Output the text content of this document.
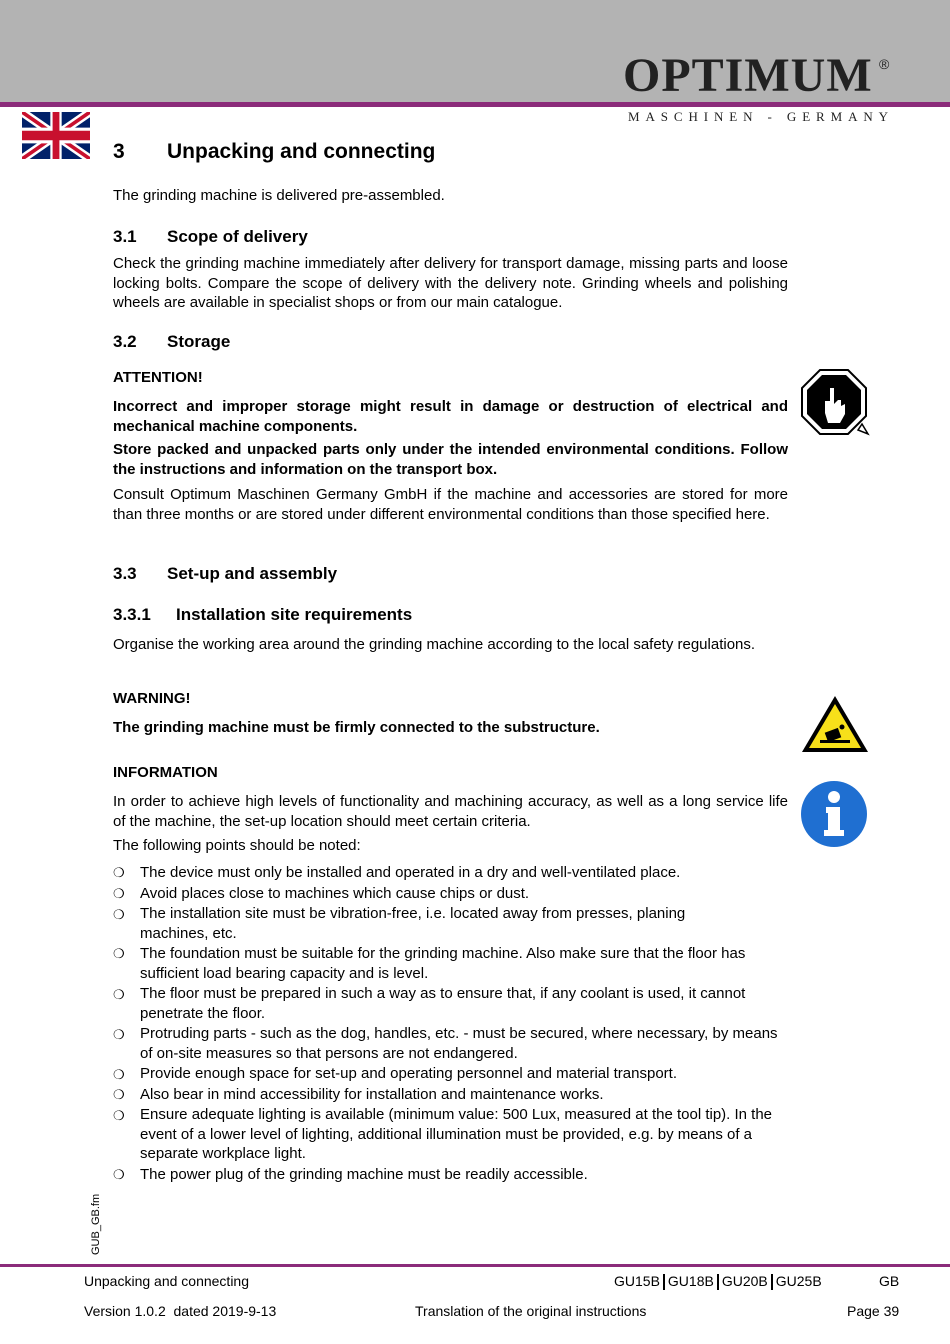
OPTIMUM ®
MASCHINEN - GERMANY
3 Unpacking and connecting
The grinding machine is delivered pre-assembled.
3.1 Scope of delivery
Check the grinding machine immediately after delivery for transport damage, missing parts and loose locking bolts. Compare the scope of delivery with the delivery note. Grinding wheels and polishing wheels are available in specialist shops or from our main catalogue.
3.2 Storage
ATTENTION!
Incorrect and improper storage might result in damage or destruction of electrical and mechanical machine components.
Store packed and unpacked parts only under the intended environmental conditions. Follow the instructions and information on the transport box.
Consult Optimum Maschinen Germany GmbH if the machine and accessories are stored for more than three months or are stored under different environmental conditions than those specified here.
3.3 Set-up and assembly
3.3.1 Installation site requirements
Organise the working area around the grinding machine according to the local safety regulations.
WARNING!
The grinding machine must be firmly connected to the substructure.
INFORMATION
In order to achieve high levels of functionality and machining accuracy, as well as a long service life of the machine, the set-up location should meet certain criteria.
The following points should be noted:
❍ The device must only be installed and operated in a dry and well-ventilated place.
❍ Avoid places close to machines which cause chips or dust.
❍ The installation site must be vibration-free, i.e. located away from presses, planing machines, etc.
❍ The foundation must be suitable for the grinding machine. Also make sure that the floor has sufficient load bearing capacity and is level.
❍ The floor must be prepared in such a way as to ensure that, if any coolant is used, it cannot penetrate the floor.
❍ Protruding parts - such as the dog, handles, etc. - must be secured, where necessary, by means of on-site measures so that persons are not endangered.
❍ Provide enough space for set-up and operating personnel and material transport.
❍ Also bear in mind accessibility for installation and maintenance works.
❍ Ensure adequate lighting is available (minimum value: 500 Lux, measured at the tool tip). In the event of a lower level of lighting, additional illumination must be provided, e.g. by means of a separate workplace light.
❍ The power plug of the grinding machine must be readily accessible.
GUB_GB.fm
Unpacking and connecting	GU15B GU18B GU20B GU25B	GB
Version 1.0.2  dated 2019-9-13	Translation of the original instructions	Page 39
